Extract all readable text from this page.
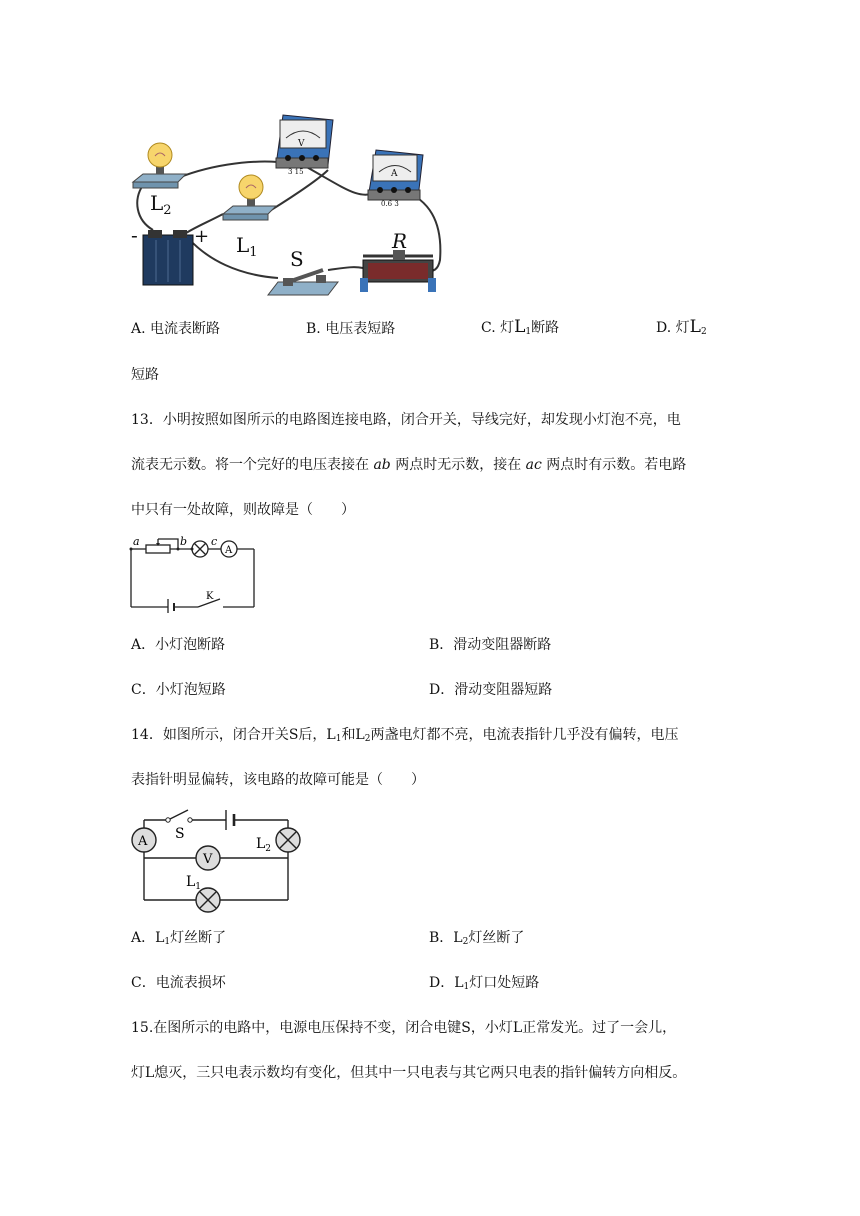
$L_2$
$L_1$
V
3 15	A
0.6 3
-	+
S
R
A. 电流表断路	B. 电压表短路	C. 灯$L_1$断路	D. 灯$L_2$
短路
13．小明按照如图所示的电路图连接电路，闭合开关，导线完好，却发现小灯泡不亮，电
流表无示数。将一个完好的电压表接在 ab 两点时无示数，接在 ac 两点时有示数。若电路
中只有一处故障，则故障是（　　）
a	b c
A
K
A．小灯泡断路	B．滑动变阻器断路
C．小灯泡短路	D．滑动变阻器短路
14．如图所示，闭合开关S后，$L_1$和$L_2$两盏电灯都不亮，电流表指针几乎没有偏转，电压
表指针明显偏转，该电路的故障可能是（　　）
A S
$L_2$
V
$L_1$
A．$L_1$灯丝断了	B．$L_2$灯丝断了
C．电流表损坏	D．$L_1$灯口处短路
15.在图所示的电路中，电源电压保持不变，闭合电键S，小灯L正常发光。过了一会儿，
灯L熄灭，三只电表示数均有变化，但其中一只电表与其它两只电表的指针偏转方向相反。
